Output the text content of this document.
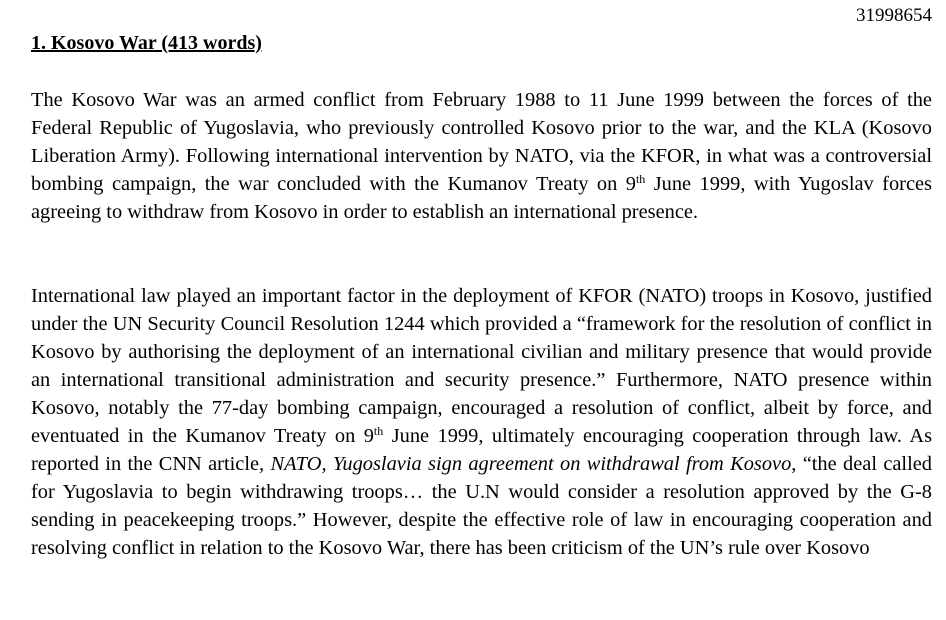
31998654
1. Kosovo War (413 words)

The Kosovo War was an armed conflict from February 1988 to 11 June 1999 between the forces of the Federal Republic of Yugoslavia, who previously controlled Kosovo prior to the war, and the KLA (Kosovo Liberation Army). Following international intervention by NATO, via the KFOR, in what was a controversial bombing campaign, the war concluded with the Kumanov Treaty on 9th June 1999, with Yugoslav forces agreeing to withdraw from Kosovo in order to establish an international presence.

International law played an important factor in the deployment of KFOR (NATO) troops in Kosovo, justified under the UN Security Council Resolution 1244 which provided a “framework for the resolution of conflict in Kosovo by authorising the deployment of an international civilian and military presence that would provide an international transitional administration and security presence.” Furthermore, NATO presence within Kosovo, notably the 77-day bombing campaign, encouraged a resolution of conflict, albeit by force, and eventuated in the Kumanov Treaty on 9th June 1999, ultimately encouraging cooperation through law. As reported in the CNN article, NATO, Yugoslavia sign agreement on withdrawal from Kosovo, “the deal called for Yugoslavia to begin withdrawing troops… the U.N would consider a resolution approved by the G-8 sending in peacekeeping troops.” However, despite the effective role of law in encouraging cooperation and resolving conflict in relation to the Kosovo War, there has been criticism of the UN’s rule over Kosovo
